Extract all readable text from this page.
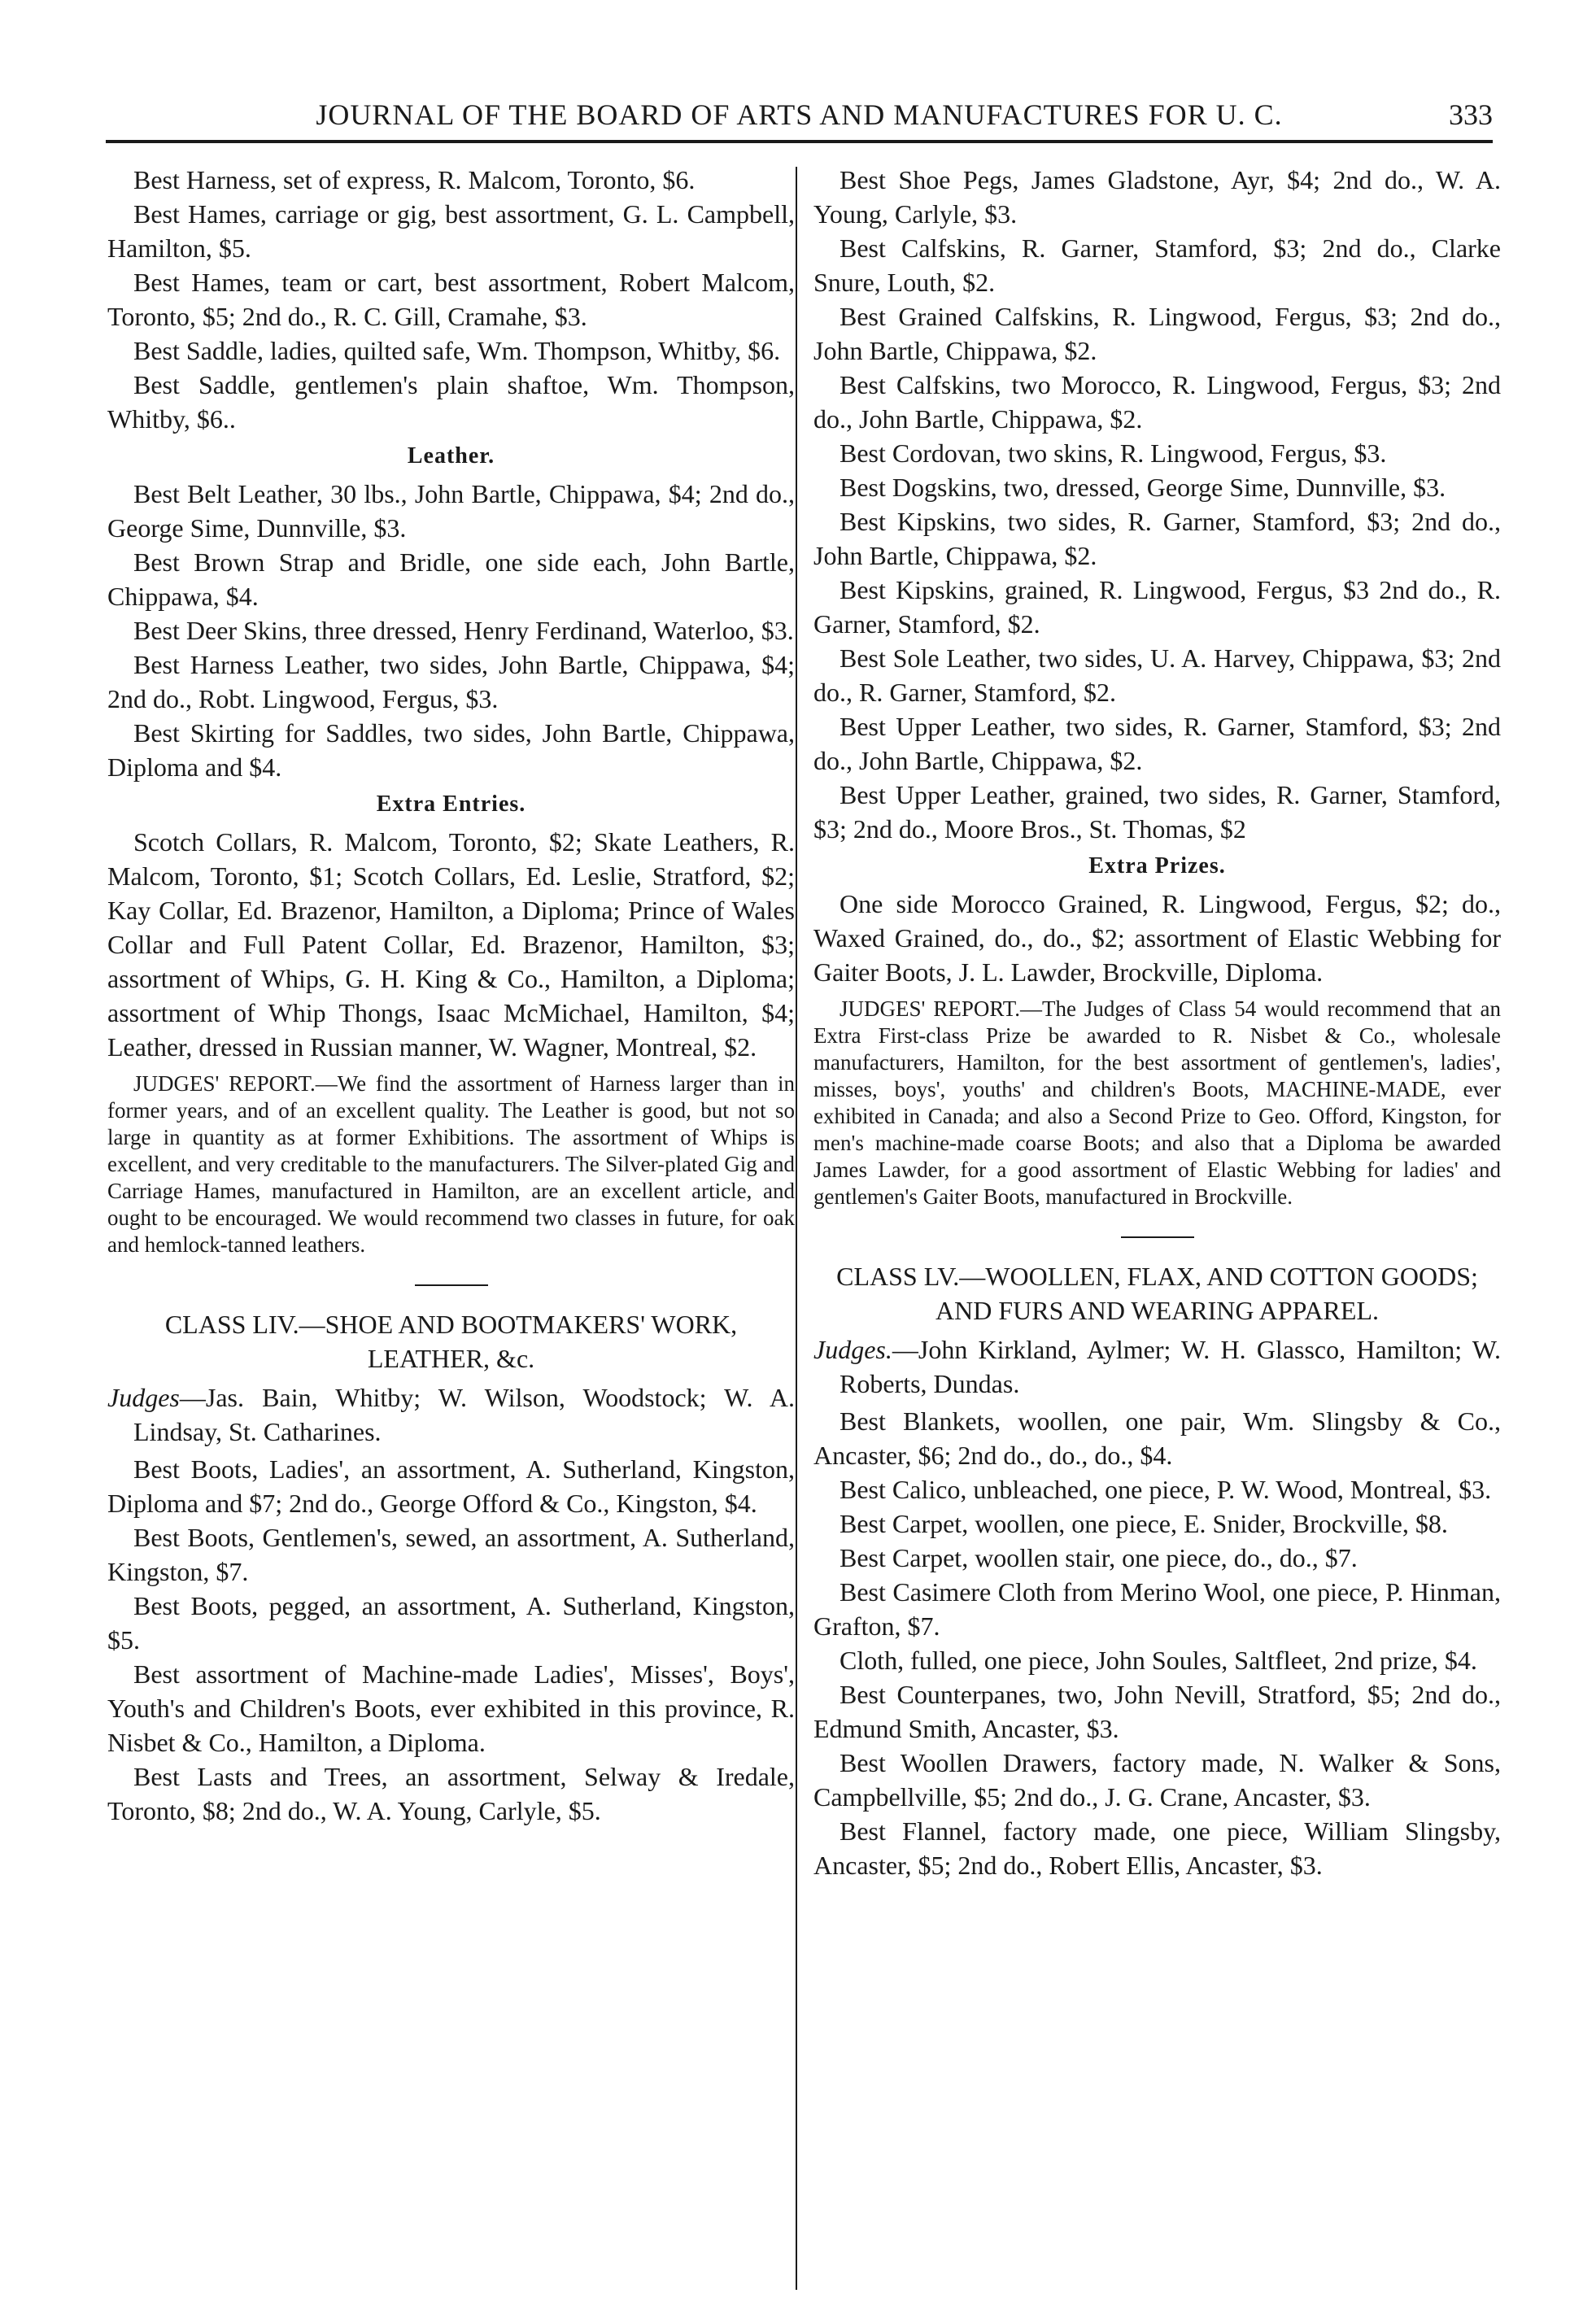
JOURNAL OF THE BOARD OF ARTS AND MANUFACTURES FOR U. C.	333

Best Harness, set of express, R. Malcom, Toronto, $6.

Best Hames, carriage or gig, best assortment, G. L. Campbell, Hamilton, $5.

Best Hames, team or cart, best assortment, Robert Malcom, Toronto, $5; 2nd do., R. C. Gill, Cramahe, $3.

Best Saddle, ladies, quilted safe, Wm. Thompson, Whitby, $6.

Best Saddle, gentlemen's plain shaftoe, Wm. Thompson, Whitby, $6..

Leather.

Best Belt Leather, 30 lbs., John Bartle, Chippawa, $4; 2nd do., George Sime, Dunnville, $3.

Best Brown Strap and Bridle, one side each, John Bartle, Chippawa, $4.

Best Deer Skins, three dressed, Henry Ferdinand, Waterloo, $3.

Best Harness Leather, two sides, John Bartle, Chippawa, $4; 2nd do., Robt. Lingwood, Fergus, $3.

Best Skirting for Saddles, two sides, John Bartle, Chippawa, Diploma and $4.

Extra Entries.

Scotch Collars, R. Malcom, Toronto, $2; Skate Leathers, R. Malcom, Toronto, $1; Scotch Collars, Ed. Leslie, Stratford, $2; Kay Collar, Ed. Brazenor, Hamilton, a Diploma; Prince of Wales Collar and Full Patent Collar, Ed. Brazenor, Hamilton, $3; assortment of Whips, G. H. King & Co., Hamilton, a Diploma; assortment of Whip Thongs, Isaac McMichael, Hamilton, $4; Leather, dressed in Russian manner, W. Wagner, Montreal, $2.

JUDGES' REPORT.—We find the assortment of Harness larger than in former years, and of an excellent quality. The Leather is good, but not so large in quantity as at former Exhibitions. The assortment of Whips is excellent, and very creditable to the manufacturers. The Silver-plated Gig and Carriage Hames, manufactured in Hamilton, are an excellent article, and ought to be encouraged. We would recommend two classes in future, for oak and hemlock-tanned leathers.

CLASS LIV.—SHOE AND BOOTMAKERS' WORK, LEATHER, &c.

Judges—Jas. Bain, Whitby; W. Wilson, Woodstock; W. A. Lindsay, St. Catharines.

Best Boots, Ladies', an assortment, A. Sutherland, Kingston, Diploma and $7; 2nd do., George Offord & Co., Kingston, $4.

Best Boots, Gentlemen's, sewed, an assortment, A. Sutherland, Kingston, $7.

Best Boots, pegged, an assortment, A. Sutherland, Kingston, $5.

Best assortment of Machine-made Ladies', Misses', Boys', Youth's and Children's Boots, ever exhibited in this province, R. Nisbet & Co., Hamilton, a Diploma.

Best Lasts and Trees, an assortment, Selway & Iredale, Toronto, $8; 2nd do., W. A. Young, Carlyle, $5.

Best Shoe Pegs, James Gladstone, Ayr, $4; 2nd do., W. A. Young, Carlyle, $3.

Best Calfskins, R. Garner, Stamford, $3; 2nd do., Clarke Snure, Louth, $2.

Best Grained Calfskins, R. Lingwood, Fergus, $3; 2nd do., John Bartle, Chippawa, $2.

Best Calfskins, two Morocco, R. Lingwood, Fergus, $3; 2nd do., John Bartle, Chippawa, $2.

Best Cordovan, two skins, R. Lingwood, Fergus, $3.

Best Dogskins, two, dressed, George Sime, Dunnville, $3.

Best Kipskins, two sides, R. Garner, Stamford, $3; 2nd do., John Bartle, Chippawa, $2.

Best Kipskins, grained, R. Lingwood, Fergus, $3 2nd do., R. Garner, Stamford, $2.

Best Sole Leather, two sides, U. A. Harvey, Chippawa, $3; 2nd do., R. Garner, Stamford, $2.

Best Upper Leather, two sides, R. Garner, Stamford, $3; 2nd do., John Bartle, Chippawa, $2.

Best Upper Leather, grained, two sides, R. Garner, Stamford, $3; 2nd do., Moore Bros., St. Thomas, $2

Extra Prizes.

One side Morocco Grained, R. Lingwood, Fergus, $2; do., Waxed Grained, do., do., $2; assortment of Elastic Webbing for Gaiter Boots, J. L. Lawder, Brockville, Diploma.

JUDGES' REPORT.—The Judges of Class 54 would recommend that an Extra First-class Prize be awarded to R. Nisbet & Co., wholesale manufacturers, Hamilton, for the best assortment of gentlemen's, ladies', misses, boys', youths' and children's Boots, MACHINE-MADE, ever exhibited in Canada; and also a Second Prize to Geo. Offord, Kingston, for men's machine-made coarse Boots; and also that a Diploma be awarded James Lawder, for a good assortment of Elastic Webbing for ladies' and gentlemen's Gaiter Boots, manufactured in Brockville.

CLASS LV.—WOOLLEN, FLAX, AND COTTON GOODS; AND FURS AND WEARING APPAREL.

Judges.—John Kirkland, Aylmer; W. H. Glassco, Hamilton; W. Roberts, Dundas.

Best Blankets, woollen, one pair, Wm. Slingsby & Co., Ancaster, $6; 2nd do., do., do., $4.

Best Calico, unbleached, one piece, P. W. Wood, Montreal, $3.

Best Carpet, woollen, one piece, E. Snider, Brockville, $8.

Best Carpet, woollen stair, one piece, do., do., $7.

Best Casimere Cloth from Merino Wool, one piece, P. Hinman, Grafton, $7.

Cloth, fulled, one piece, John Soules, Saltfleet, 2nd prize, $4.

Best Counterpanes, two, John Nevill, Stratford, $5; 2nd do., Edmund Smith, Ancaster, $3.

Best Woollen Drawers, factory made, N. Walker & Sons, Campbellville, $5; 2nd do., J. G. Crane, Ancaster, $3.

Best Flannel, factory made, one piece, William Slingsby, Ancaster, $5; 2nd do., Robert Ellis, Ancaster, $3.
